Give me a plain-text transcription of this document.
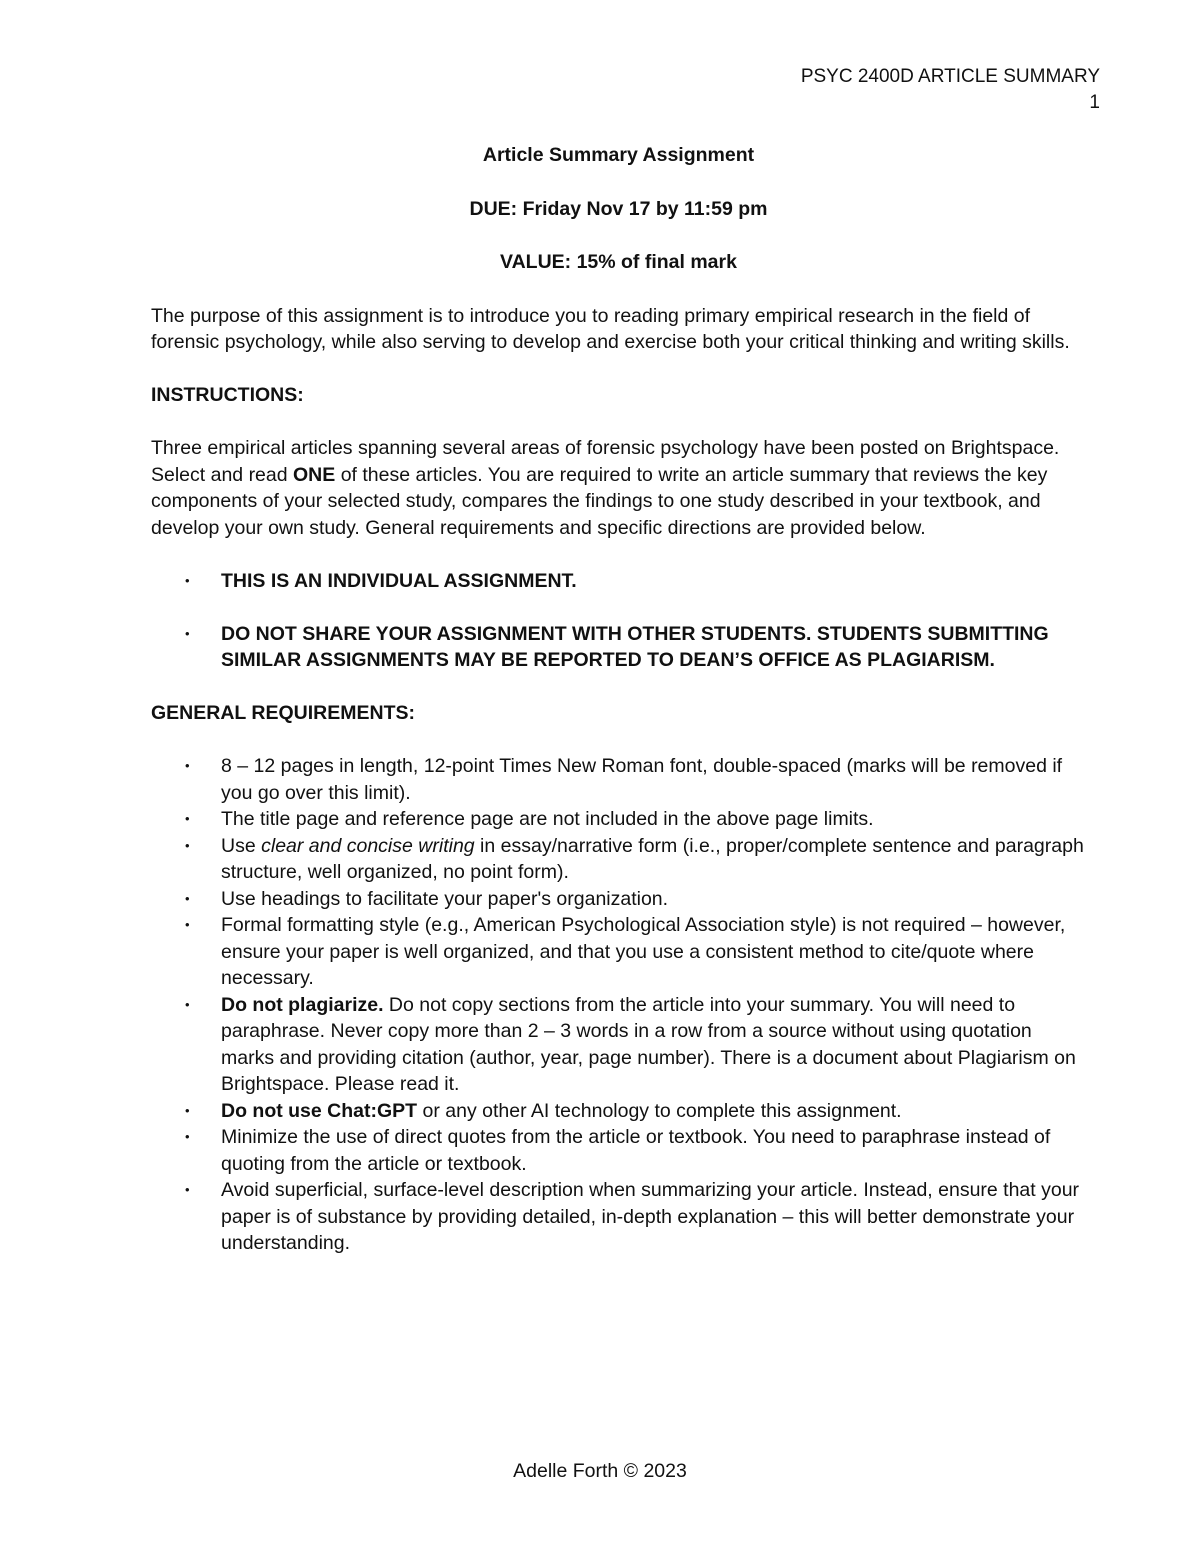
PSYC 2400D ARTICLE SUMMARY
1
Article Summary Assignment
DUE: Friday Nov 17 by 11:59 pm
VALUE: 15% of final mark

The purpose of this assignment is to introduce you to reading primary empirical research in the field of forensic psychology, while also serving to develop and exercise both your critical thinking and writing skills.

INSTRUCTIONS:

Three empirical articles spanning several areas of forensic psychology have been posted on Brightspace. Select and read ONE of these articles. You are required to write an article summary that reviews the key components of your selected study, compares the findings to one study described in your textbook, and develop your own study. General requirements and specific directions are provided below.

• THIS IS AN INDIVIDUAL ASSIGNMENT.
• DO NOT SHARE YOUR ASSIGNMENT WITH OTHER STUDENTS. STUDENTS SUBMITTING SIMILAR ASSIGNMENTS MAY BE REPORTED TO DEAN’S OFFICE AS PLAGIARISM.
GENERAL REQUIREMENTS:
• 8 – 12 pages in length, 12-point Times New Roman font, double-spaced (marks will be removed if you go over this limit).
• The title page and reference page are not included in the above page limits.
• Use clear and concise writing in essay/narrative form (i.e., proper/complete sentence and paragraph structure, well organized, no point form).
• Use headings to facilitate your paper's organization.
• Formal formatting style (e.g., American Psychological Association style) is not required – however, ensure your paper is well organized, and that you use a consistent method to cite/quote where necessary.
• Do not plagiarize. Do not copy sections from the article into your summary. You will need to paraphrase. Never copy more than 2 – 3 words in a row from a source without using quotation marks and providing citation (author, year, page number). There is a document about Plagiarism on Brightspace. Please read it.
• Do not use Chat:GPT or any other AI technology to complete this assignment.
• Minimize the use of direct quotes from the article or textbook. You need to paraphrase instead of quoting from the article or textbook.
• Avoid superficial, surface-level description when summarizing your article. Instead, ensure that your paper is of substance by providing detailed, in-depth explanation – this will better demonstrate your understanding.
Adelle Forth © 2023
